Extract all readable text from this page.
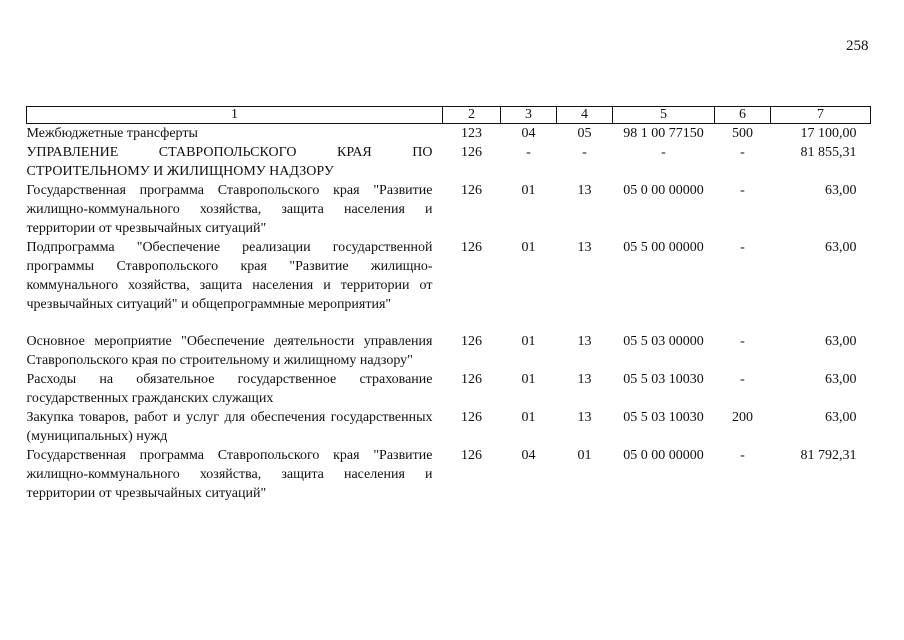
258
1	2	3	4	5	6	7
Межбюджетные трансферты	123	04	05	98 1 00 77150	500	17 100,00
УПРАВЛЕНИЕ СТАВРОПОЛЬСКОГО КРАЯ ПО СТРОИТЕЛЬНОМУ И ЖИЛИЩНОМУ НАДЗОРУ	126	-	-	-	-	81 855,31
Государственная программа Ставропольского края "Развитие жилищно-коммунального хозяйства, защита населения и территории от чрезвычайных ситуаций"	126	01	13	05 0 00 00000	-	63,00
Подпрограмма "Обеспечение реализации государственной программы Ставропольского края "Развитие жилищно-коммунального хозяйства, защита населения и территории от чрезвычайных ситуаций" и общепрограммные мероприятия"	126	01	13	05 5 00 00000	-	63,00

Основное мероприятие "Обеспечение деятельности управления Ставропольского края по строительному и жилищному надзору"	126	01	13	05 5 03 00000	-	63,00
Расходы на обязательное государственное страхование государственных гражданских служащих	126	01	13	05 5 03 10030	-	63,00
Закупка товаров, работ и услуг для обеспечения государственных (муниципальных) нужд	126	01	13	05 5 03 10030	200	63,00
Государственная программа Ставропольского края "Развитие жилищно-коммунального хозяйства, защита населения и территории от чрезвычайных ситуаций"	126	04	01	05 0 00 00000	-	81 792,31
